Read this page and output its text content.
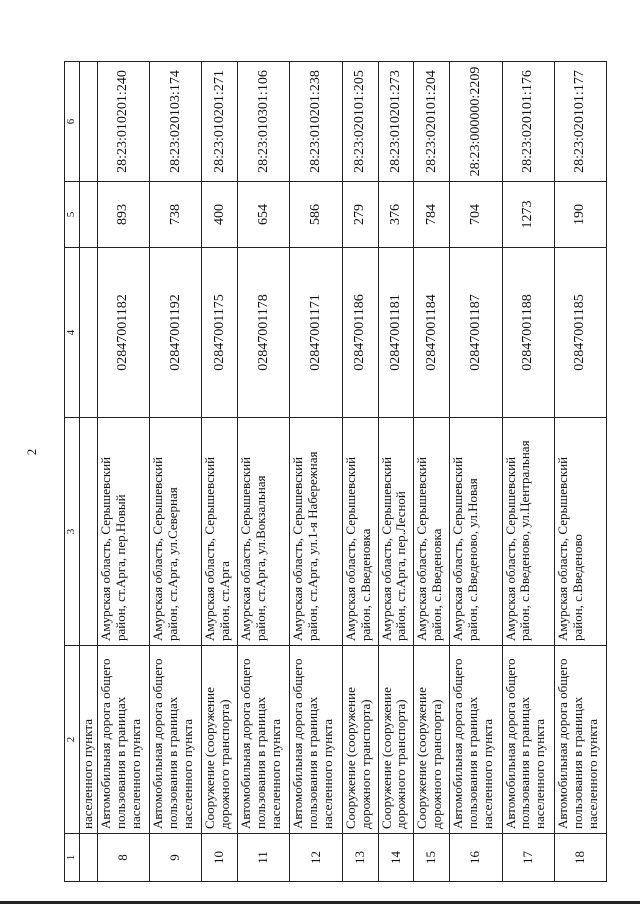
2
1	2	3	4	5	6
	населенного пункта				
8	Автомобильная дорога общего пользования в границах населенного пункта	Амурская область, Серышевский район, ст.Арга, пер.Новый	02847001182	893	28:23:010201:240
9	Автомобильная дорога общего пользования в границах населенного пункта	Амурская область, Серышевский район, ст.Арга, ул.Северная	02847001192	738	28:23:020103:174
10	Сооружение (сооружение дорожного транспорта)	Амурская область, Серышевский район, ст.Арга	02847001175	400	28:23:010201:271
11	Автомобильная дорога общего пользования в границах населенного пункта	Амурская область, Серышевский район, ст.Арга, ул.Вокзальная	02847001178	654	28:23:010301:106
12	Автомобильная дорога общего пользования в границах населенного пункта	Амурская область, Серышевский район, ст.Арга, ул.1-я Набережная	02847001171	586	28:23:010201:238
13	Сооружение (сооружение дорожного транспорта)	Амурская область, Серышевский район, с.Введеновка	02847001186	279	28:23:020101:205
14	Сооружение (сооружение дорожного транспорта)	Амурская область, Серышевский район, ст.Арга, пер.Лесной	02847001181	376	28:23:010201:273
15	Сооружение (сооружение дорожного транспорта)	Амурская область, Серышевский район, с.Введеновка	02847001184	784	28:23:020101:204
16	Автомобильная дорога общего пользования в границах населенного пункта	Амурская область, Серышевский район, с.Введеново, ул.Новая	02847001187	704	28:23:000000:2209
17	Автомобильная дорога общего пользования в границах населенного пункта	Амурская область, Серышевский район, с.Введеново, ул.Центральная	02847001188	1273	28:23:020101:176
18	Автомобильная дорога общего пользования в границах населенного пункта	Амурская область, Серышевский район, с.Введеново	02847001185	190	28:23:020101:177
